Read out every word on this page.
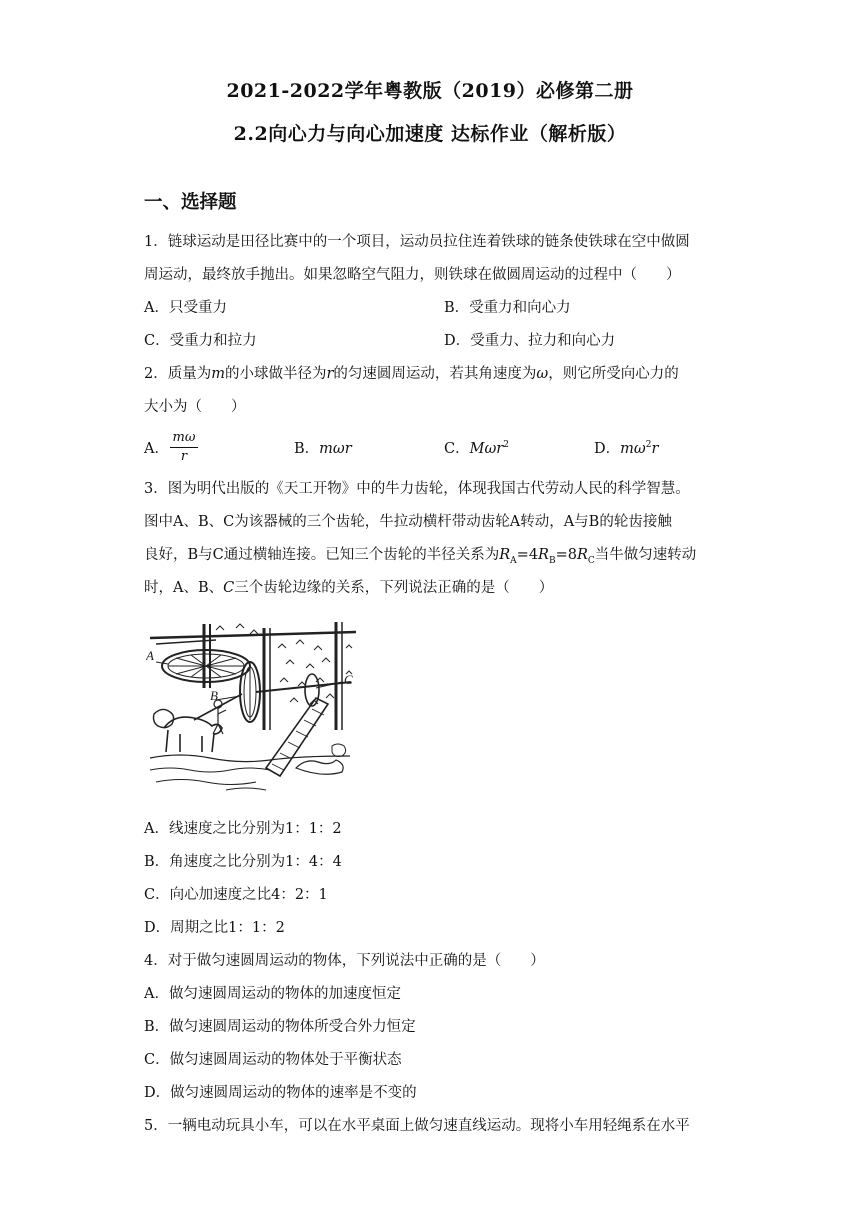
2021-2022学年粤教版（2019）必修第二册
2.2向心力与向心加速度 达标作业（解析版）
一、选择题
1．链球运动是田径比赛中的一个项目，运动员拉住连着铁球的链条使铁球在空中做圆
周运动，最终放手抛出。如果忽略空气阻力，则铁球在做圆周运动的过程中（　　）
A．只受重力	B．受重力和向心力
C．受重力和拉力	D．受重力、拉力和向心力
2．质量为m的小球做半径为r的匀速圆周运动，若其角速度为ω，则它所受向心力的
大小为（　　）
A． $\frac{m\omega}{r}$	B．mωr	C．Mωr$^2$	D．$m\omega^2r$
3．图为明代出版的《天工开物》中的牛力齿轮，体现我国古代劳动人民的科学智慧。
图中A、B、C为该器械的三个齿轮，牛拉动横杆带动齿轮A转动，A与B的轮齿接触
良好，B与C通过横轴连接。已知三个齿轮的半径关系为$R_A=4R_B=8R_C$当牛做匀速转动
时，A、B、C三个齿轮边缘的关系，下列说法正确的是（　　）
A
B
C
A．线速度之比分别为1：1：2
B．角速度之比分别为1：4：4
C．向心加速度之比4：2：1
D．周期之比1：1：2
4．对于做匀速圆周运动的物体，下列说法中正确的是（　　）
A．做匀速圆周运动的物体的加速度恒定
B．做匀速圆周运动的物体所受合外力恒定
C．做匀速圆周运动的物体处于平衡状态
D．做匀速圆周运动的物体的速率是不变的
5．一辆电动玩具小车，可以在水平桌面上做匀速直线运动。现将小车用轻绳系在水平
